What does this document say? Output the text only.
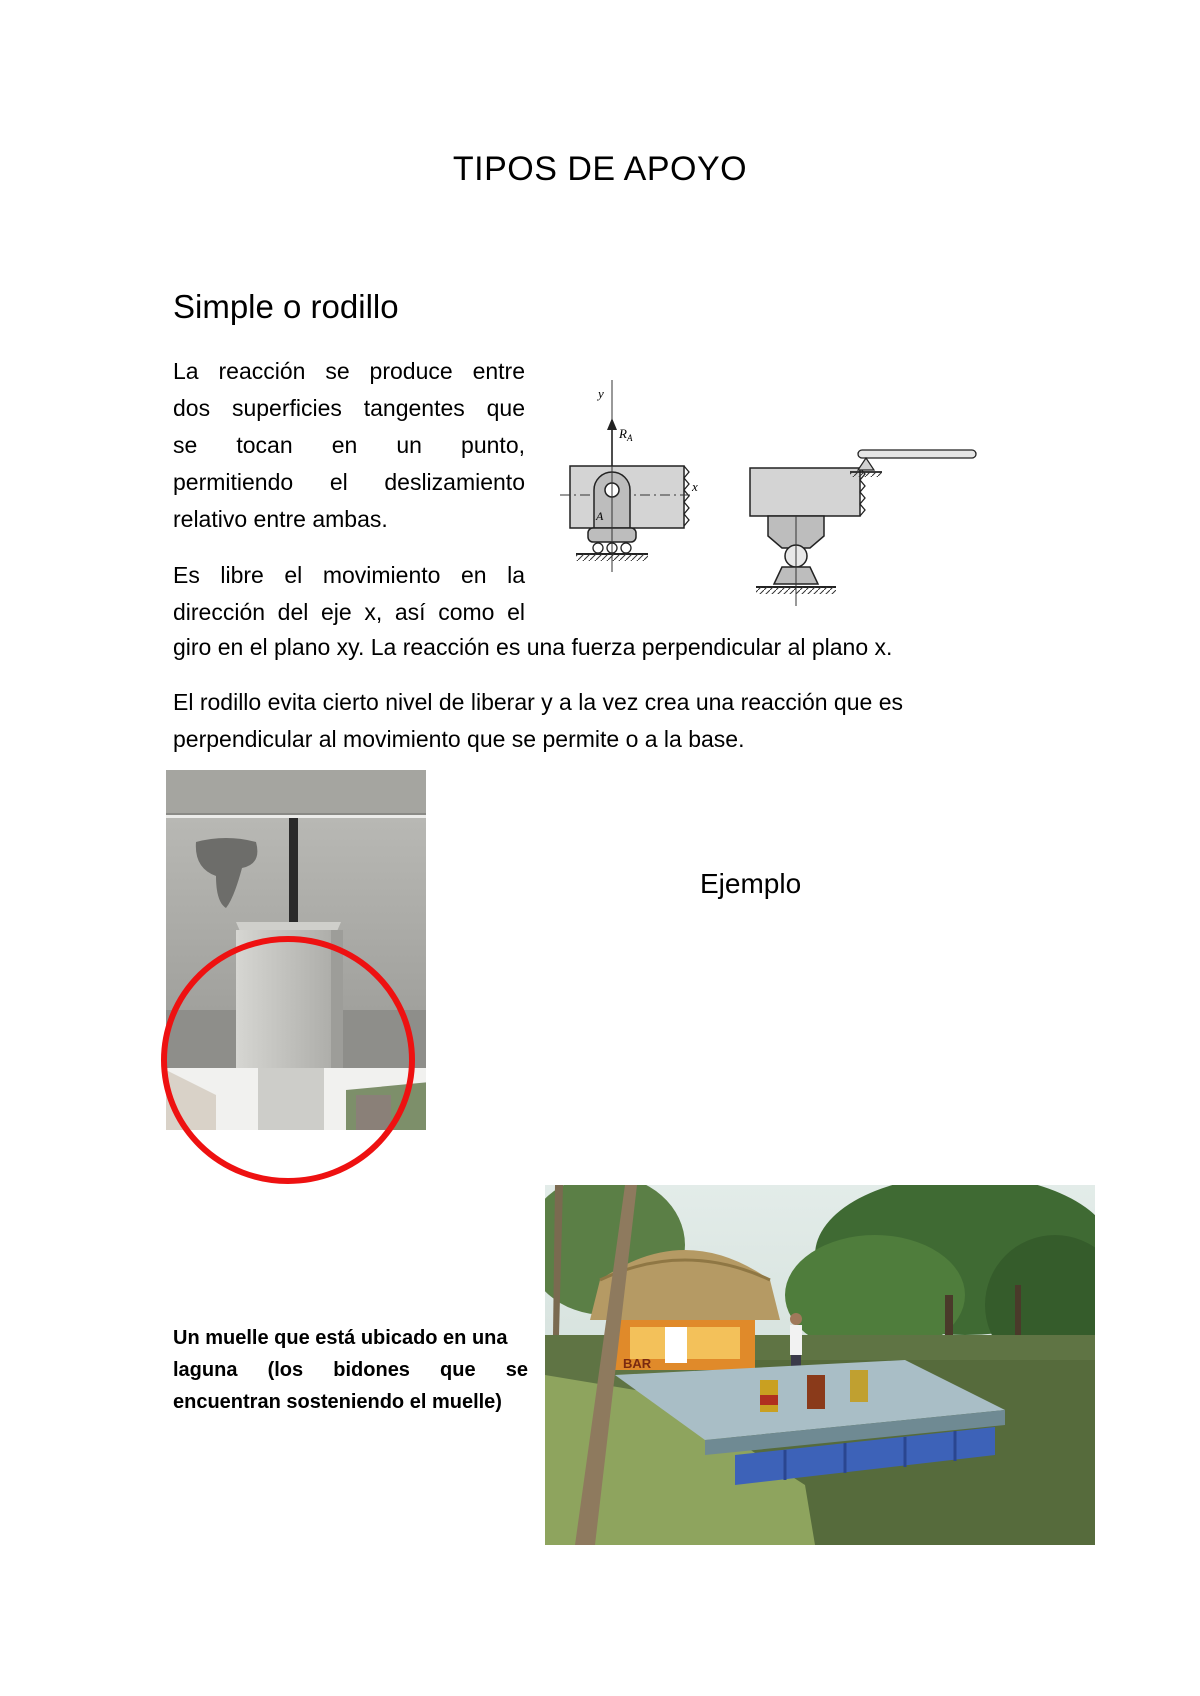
TIPOS DE APOYO
Simple o rodillo
La reacción se produce entre
dos superficies tangentes que
se tocan en un punto,
permitiendo el deslizamiento
relativo entre ambas.
Es libre el movimiento en la
dirección del eje x, así como el
giro en el plano xy. La reacción es una fuerza perpendicular al plano x.
El rodillo evita cierto nivel de liberar y a la vez crea una reacción que es
perpendicular al movimiento que se permite o a la base.
y
x
$R_A$
A
Ejemplo
Un muelle que está ubicado en una
laguna (los bidones que se
encuentran sosteniendo el muelle)
BAR
